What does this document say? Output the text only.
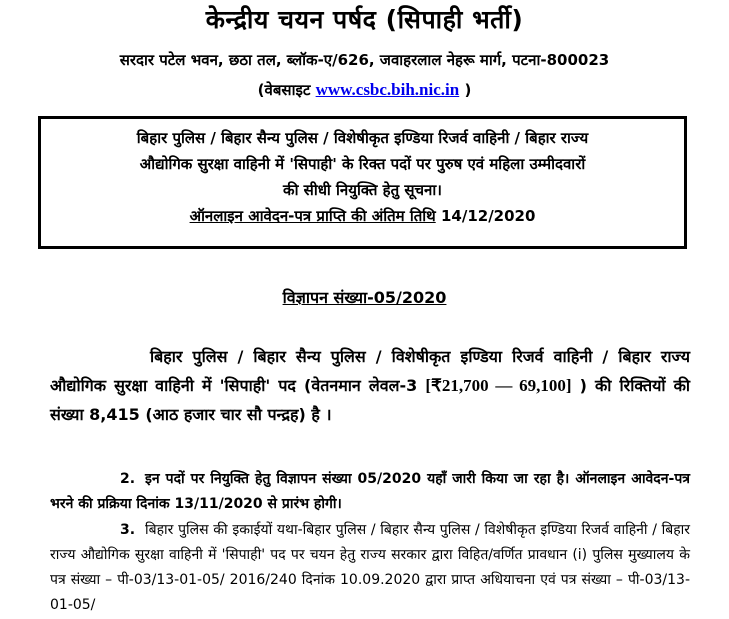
केन्द्रीय चयन पर्षद (सिपाही भर्ती)
सरदार पटेल भवन, छठा तल, ब्लॉक-ए/626, जवाहरलाल नेहरू मार्ग, पटना-800023
(वेबसाइट www.csbc.bih.nic.in )
बिहार पुलिस / बिहार सैन्य पुलिस / विशेषीकृत इण्डिया रिजर्व वाहिनी / बिहार राज्य
औद्योगिक सुरक्षा वाहिनी में 'सिपाही' के रिक्त पदों पर पुरुष एवं महिला उम्मीदवारों
की सीधी नियुक्ति हेतु सूचना।
ऑनलाइन आवेदन-पत्र प्राप्ति की अंतिम तिथि 14/12/2020
विज्ञापन संख्या-05/2020
बिहार पुलिस / बिहार सैन्य पुलिस / विशेषीकृत इण्डिया रिजर्व वाहिनी / बिहार राज्य औद्योगिक सुरक्षा वाहिनी में 'सिपाही' पद (वेतनमान लेवल-3 [₹21,700 — 69,100] ) की रिक्तियों की संख्या 8,415 (आठ हजार चार सौ पन्द्रह) है ।
2. इन पदों पर नियुक्ति हेतु विज्ञापन संख्या 05/2020 यहाँ जारी किया जा रहा है। ऑनलाइन आवेदन-पत्र भरने की प्रक्रिया दिनांक 13/11/2020 से प्रारंभ होगी।
3. बिहार पुलिस की इकाईयों यथा-बिहार पुलिस / बिहार सैन्य पुलिस / विशेषीकृत इण्डिया रिजर्व वाहिनी / बिहार राज्य औद्योगिक सुरक्षा वाहिनी में 'सिपाही' पद पर चयन हेतु राज्य सरकार द्वारा विहित/वर्णित प्रावधान (i) पुलिस मुख्यालय के पत्र संख्या – पी-03/13-01-05/ 2016/240 दिनांक 10.09.2020 द्वारा प्राप्त अधियाचना एवं पत्र संख्या – पी-03/13-01-05/
